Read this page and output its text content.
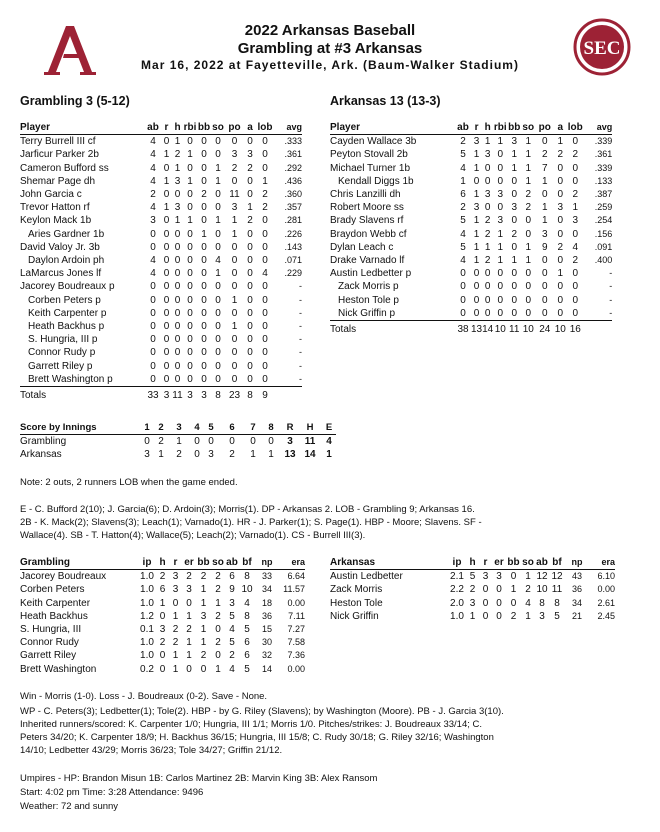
SEC
2022 Arkansas Baseball
Grambling at #3 Arkansas
Mar 16, 2022 at Fayetteville, Ark. (Baum-Walker Stadium)
Grambling 3 (5-12)	Arkansas 13 (13-3)
Player	ab	r	h	rbi	bb	so	po	a	lob	avg
Terry Burrell III cf	4	0	1	0	0	0	0	0	0	.333
Jarficur Parker 2b	4	1	2	1	0	0	3	3	0	.361
Cameron Bufford ss	4	0	1	0	0	1	2	2	0	.292
Shemar Page dh	4	1	3	1	0	1	0	0	1	.436
John Garcia c	2	0	0	0	2	0	11	0	2	.360
Trevor Hatton rf	4	1	3	0	0	0	3	1	2	.357
Keylon Mack 1b	3	0	1	1	0	1	1	2	0	.281
Aries Gardner 1b	0	0	0	0	1	0	1	0	0	.226
David Valoy Jr. 3b	0	0	0	0	0	0	0	0	0	.143
Daylon Ardoin ph	4	0	0	0	0	4	0	0	0	.071
LaMarcus Jones lf	4	0	0	0	0	1	0	0	4	.229
Jacorey Boudreaux p	0	0	0	0	0	0	0	0	0	-
Corben Peters p	0	0	0	0	0	0	1	0	0	-
Keith Carpenter p	0	0	0	0	0	0	0	0	0	-
Heath Backhus p	0	0	0	0	0	0	1	0	0	-
S. Hungria, III p	0	0	0	0	0	0	0	0	0	-
Connor Rudy p	0	0	0	0	0	0	0	0	0	-
Garrett Riley p	0	0	0	0	0	0	0	0	0	-
Brett Washington p	0	0	0	0	0	0	0	0	0	-
Totals	33	3	11	3	3	8	23	8	9	
Player	ab	r	h	rbi	bb	so	po	a	lob	avg
Cayden Wallace 3b	2	3	1	1	3	1	0	1	0	.339
Peyton Stovall 2b	5	1	3	0	1	1	2	2	2	.361
Michael Turner 1b	4	1	0	0	1	1	7	0	0	.339
Kendall Diggs 1b	1	0	0	0	0	1	1	0	0	.133
Chris Lanzilli dh	6	1	3	3	0	2	0	0	2	.387
Robert Moore ss	2	3	0	0	3	2	1	3	1	.259
Brady Slavens rf	5	1	2	3	0	0	1	0	3	.254
Braydon Webb cf	4	1	2	1	2	0	3	0	0	.156
Dylan Leach c	5	1	1	1	0	1	9	2	4	.091
Drake Varnado lf	4	1	2	1	1	1	0	0	2	.400
Austin Ledbetter p	0	0	0	0	0	0	0	1	0	-
Zack Morris p	0	0	0	0	0	0	0	0	0	-
Heston Tole p	0	0	0	0	0	0	0	0	0	-
Nick Griffin p	0	0	0	0	0	0	0	0	0	-
Totals	38	13	14	10	11	10	24	10	16	
Score by Innings	1	2	3	4	5	6	7	8	R	H	E
Grambling	0	2	1	0	0	0	0	0	3	11	4
Arkansas	3	1	2	0	3	2	1	1	13	14	1
Note: 2 outs, 2 runners LOB when the game ended.
E - C. Bufford 2(10); J. Garcia(6); D. Ardoin(3); Morris(1). DP - Arkansas 2. LOB - Grambling 9; Arkansas 16.
2B - K. Mack(2); Slavens(3); Leach(1); Varnado(1). HR - J. Parker(1); S. Page(1). HBP - Moore; Slavens. SF -
Wallace(4). SB - T. Hatton(4); Wallace(5); Leach(2); Varnado(1). CS - Burrell III(3).
Grambling	ip	h	r	er	bb	so	ab	bf	np	era
Jacorey Boudreaux	1.0	2	3	2	2	2	6	8	33	6.64
Corben Peters	1.0	6	3	3	1	2	9	10	34	11.57
Keith Carpenter	1.0	1	0	0	1	1	3	4	18	0.00
Heath Backhus	1.2	0	1	1	3	2	5	8	36	7.11
S. Hungria, III	0.1	3	2	2	1	0	4	5	15	7.27
Connor Rudy	1.0	2	2	1	1	2	5	6	30	7.58
Garrett Riley	1.0	0	1	1	2	0	2	6	32	7.36
Brett Washington	0.2	0	1	0	0	1	4	5	14	0.00
Arkansas	ip	h	r	er	bb	so	ab	bf	np	era
Austin Ledbetter	2.1	5	3	3	0	1	12	12	43	6.10
Zack Morris	2.2	2	0	0	1	2	10	11	36	0.00
Heston Tole	2.0	3	0	0	0	4	8	8	34	2.61
Nick Griffin	1.0	1	0	0	2	1	3	5	21	2.45
Win - Morris (1-0). Loss - J. Boudreaux (0-2). Save - None.
WP - C. Peters(3); Ledbetter(1); Tole(2). HBP - by G. Riley (Slavens); by Washington (Moore). PB - J. Garcia 3(10).
Inherited runners/scored: K. Carpenter 1/0; Hungria, III 1/1; Morris 1/0. Pitches/strikes: J. Boudreaux 33/14; C.
Peters 34/20; K. Carpenter 18/9; H. Backhus 36/15; Hungria, III 15/8; C. Rudy 30/18; G. Riley 32/16; Washington
14/10; Ledbetter 43/29; Morris 36/23; Tole 34/27; Griffin 21/12.
Umpires - HP: Brandon Misun 1B: Carlos Martinez 2B: Marvin King 3B: Alex Ransom
Start: 4:02 pm Time: 3:28 Attendance: 9496
Weather: 72 and sunny
